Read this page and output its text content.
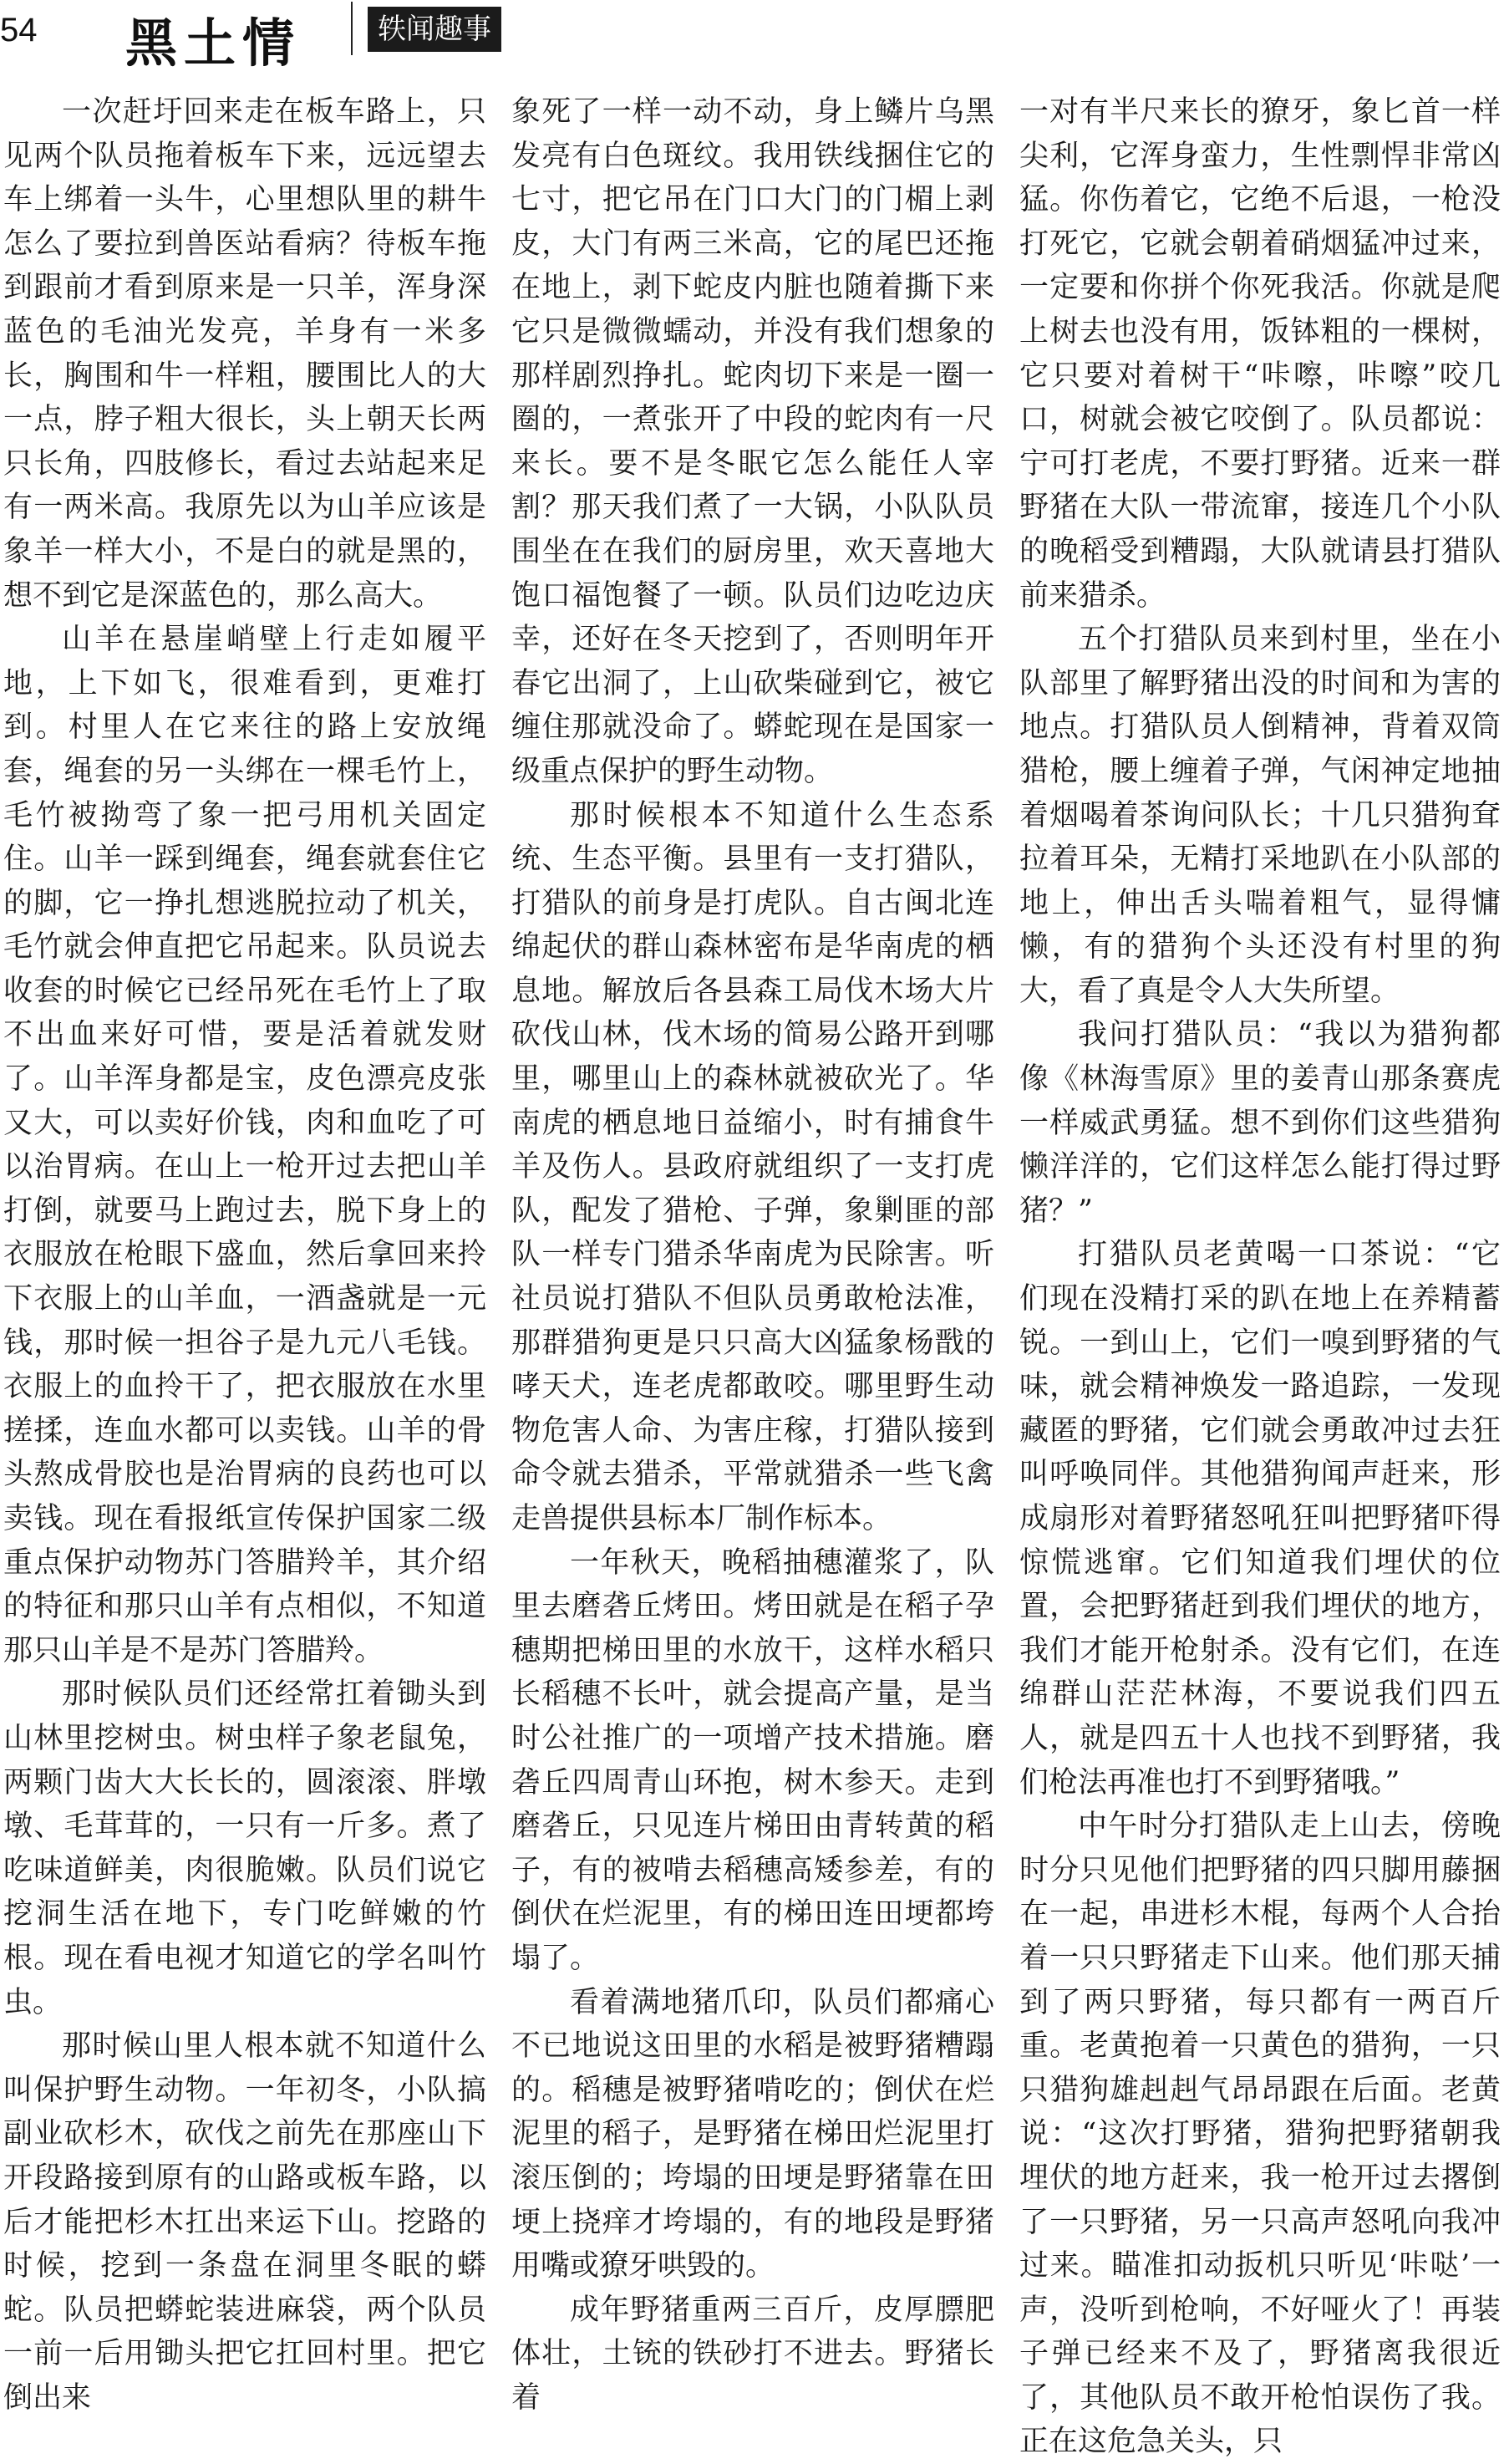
54 黑土情	轶闻趣事

一次赶圩回来走在板车路上，只见两个队员拖着板车下来，远远望去车上绑着一头牛，心里想队里的耕牛怎么了要拉到兽医站看病？待板车拖到跟前才看到原来是一只羊，浑身深蓝色的毛油光发亮，羊身有一米多长，胸围和牛一样粗，腰围比人的大一点，脖子粗大很长，头上朝天长两只长角，四肢修长，看过去站起来足有一两米高。我原先以为山羊应该是象羊一样大小，不是白的就是黑的，想不到它是深蓝色的，那么高大。

山羊在悬崖峭壁上行走如履平地，上下如飞，很难看到，更难打到。村里人在它来往的路上安放绳套，绳套的另一头绑在一棵毛竹上，毛竹被拗弯了象一把弓用机关固定住。山羊一踩到绳套，绳套就套住它的脚，它一挣扎想逃脱拉动了机关，毛竹就会伸直把它吊起来。队员说去收套的时候它已经吊死在毛竹上了取不出血来好可惜，要是活着就发财了。山羊浑身都是宝，皮色漂亮皮张又大，可以卖好价钱，肉和血吃了可以治胃病。在山上一枪开过去把山羊打倒，就要马上跑过去，脱下身上的衣服放在枪眼下盛血，然后拿回来拎下衣服上的山羊血，一酒盏就是一元钱，那时候一担谷子是九元八毛钱。衣服上的血拎干了，把衣服放在水里搓揉，连血水都可以卖钱。山羊的骨头熬成骨胶也是治胃病的良药也可以卖钱。现在看报纸宣传保护国家二级重点保护动物苏门答腊羚羊，其介绍的特征和那只山羊有点相似，不知道那只山羊是不是苏门答腊羚。

那时候队员们还经常扛着锄头到山林里挖树虫。树虫样子象老鼠兔，两颗门齿大大长长的，圆滚滚、胖墩墩、毛茸茸的，一只有一斤多。煮了吃味道鲜美，肉很脆嫩。队员们说它挖洞生活在地下，专门吃鲜嫩的竹根。现在看电视才知道它的学名叫竹虫。

那时候山里人根本就不知道什么叫保护野生动物。一年初冬，小队搞副业砍杉木，砍伐之前先在那座山下开段路接到原有的山路或板车路，以后才能把杉木扛出来运下山。挖路的时候，挖到一条盘在洞里冬眠的蟒蛇。队员把蟒蛇装进麻袋，两个队员一前一后用锄头把它扛回村里。把它倒出来

象死了一样一动不动，身上鳞片乌黑发亮有白色斑纹。我用铁线捆住它的七寸，把它吊在门口大门的门楣上剥皮，大门有两三米高，它的尾巴还拖在地上，剥下蛇皮内脏也随着撕下来它只是微微蠕动，并没有我们想象的那样剧烈挣扎。蛇肉切下来是一圈一圈的，一煮张开了中段的蛇肉有一尺来长。要不是冬眠它怎么能任人宰割？那天我们煮了一大锅，小队队员围坐在在我们的厨房里，欢天喜地大饱口福饱餐了一顿。队员们边吃边庆幸，还好在冬天挖到了，否则明年开春它出洞了，上山砍柴碰到它，被它缠住那就没命了。蟒蛇现在是国家一级重点保护的野生动物。

那时候根本不知道什么生态系统、生态平衡。县里有一支打猎队，打猎队的前身是打虎队。自古闽北连绵起伏的群山森林密布是华南虎的栖息地。解放后各县森工局伐木场大片砍伐山林，伐木场的简易公路开到哪里，哪里山上的森林就被砍光了。华南虎的栖息地日益缩小，时有捕食牛羊及伤人。县政府就组织了一支打虎队，配发了猎枪、子弹，象剿匪的部队一样专门猎杀华南虎为民除害。听社员说打猎队不但队员勇敢枪法准，那群猎狗更是只只高大凶猛象杨戬的哮天犬，连老虎都敢咬。哪里野生动物危害人命、为害庄稼，打猎队接到命令就去猎杀，平常就猎杀一些飞禽走兽提供县标本厂制作标本。

一年秋天，晚稻抽穗灌浆了，队里去磨砻丘烤田。烤田就是在稻子孕穗期把梯田里的水放干，这样水稻只长稻穗不长叶，就会提高产量，是当时公社推广的一项增产技术措施。磨砻丘四周青山环抱，树木参天。走到磨砻丘，只见连片梯田由青转黄的稻子，有的被啃去稻穗高矮参差，有的倒伏在烂泥里，有的梯田连田埂都垮塌了。

看着满地猪爪印，队员们都痛心不已地说这田里的水稻是被野猪糟蹋的。稻穗是被野猪啃吃的；倒伏在烂泥里的稻子，是野猪在梯田烂泥里打滚压倒的；垮塌的田埂是野猪靠在田埂上挠痒才垮塌的，有的地段是野猪用嘴或獠牙哄毁的。

成年野猪重两三百斤，皮厚膘肥体壮，土铳的铁砂打不进去。野猪长着

一对有半尺来长的獠牙，象匕首一样尖利，它浑身蛮力，生性剽悍非常凶猛。你伤着它，它绝不后退，一枪没打死它，它就会朝着硝烟猛冲过来，一定要和你拼个你死我活。你就是爬上树去也没有用，饭钵粗的一棵树，它只要对着树干“咔嚓，咔嚓”咬几口，树就会被它咬倒了。队员都说：宁可打老虎，不要打野猪。近来一群野猪在大队一带流窜，接连几个小队的晚稻受到糟蹋，大队就请县打猎队前来猎杀。

五个打猎队员来到村里，坐在小队部里了解野猪出没的时间和为害的地点。打猎队员人倒精神，背着双筒猎枪，腰上缠着子弹，气闲神定地抽着烟喝着茶询问队长；十几只猎狗耷拉着耳朵，无精打采地趴在小队部的地上，伸出舌头喘着粗气，显得慵懒，有的猎狗个头还没有村里的狗大，看了真是令人大失所望。

我问打猎队员：“我以为猎狗都像《林海雪原》里的姜青山那条赛虎一样威武勇猛。想不到你们这些猎狗懒洋洋的，它们这样怎么能打得过野猪？”

打猎队员老黄喝一口茶说：“它们现在没精打采的趴在地上在养精蓄锐。一到山上，它们一嗅到野猪的气味，就会精神焕发一路追踪，一发现藏匿的野猪，它们就会勇敢冲过去狂叫呼唤同伴。其他猎狗闻声赶来，形成扇形对着野猪怒吼狂叫把野猪吓得惊慌逃窜。它们知道我们埋伏的位置，会把野猪赶到我们埋伏的地方，我们才能开枪射杀。没有它们，在连绵群山茫茫林海，不要说我们四五人，就是四五十人也找不到野猪，我们枪法再准也打不到野猪哦。”

中午时分打猎队走上山去，傍晚时分只见他们把野猪的四只脚用藤捆在一起，串进杉木棍，每两个人合抬着一只只野猪走下山来。他们那天捕到了两只野猪，每只都有一两百斤重。老黄抱着一只黄色的猎狗，一只只猎狗雄赳赳气昂昂跟在后面。老黄说：“这次打野猪，猎狗把野猪朝我埋伏的地方赶来，我一枪开过去撂倒了一只野猪，另一只高声怒吼向我冲过来。瞄准扣动扳机只听见‘咔哒’一声，没听到枪响，不好哑火了！再装子弹已经来不及了，野猪离我很近了，其他队员不敢开枪怕误伤了我。正在这危急关头，只
